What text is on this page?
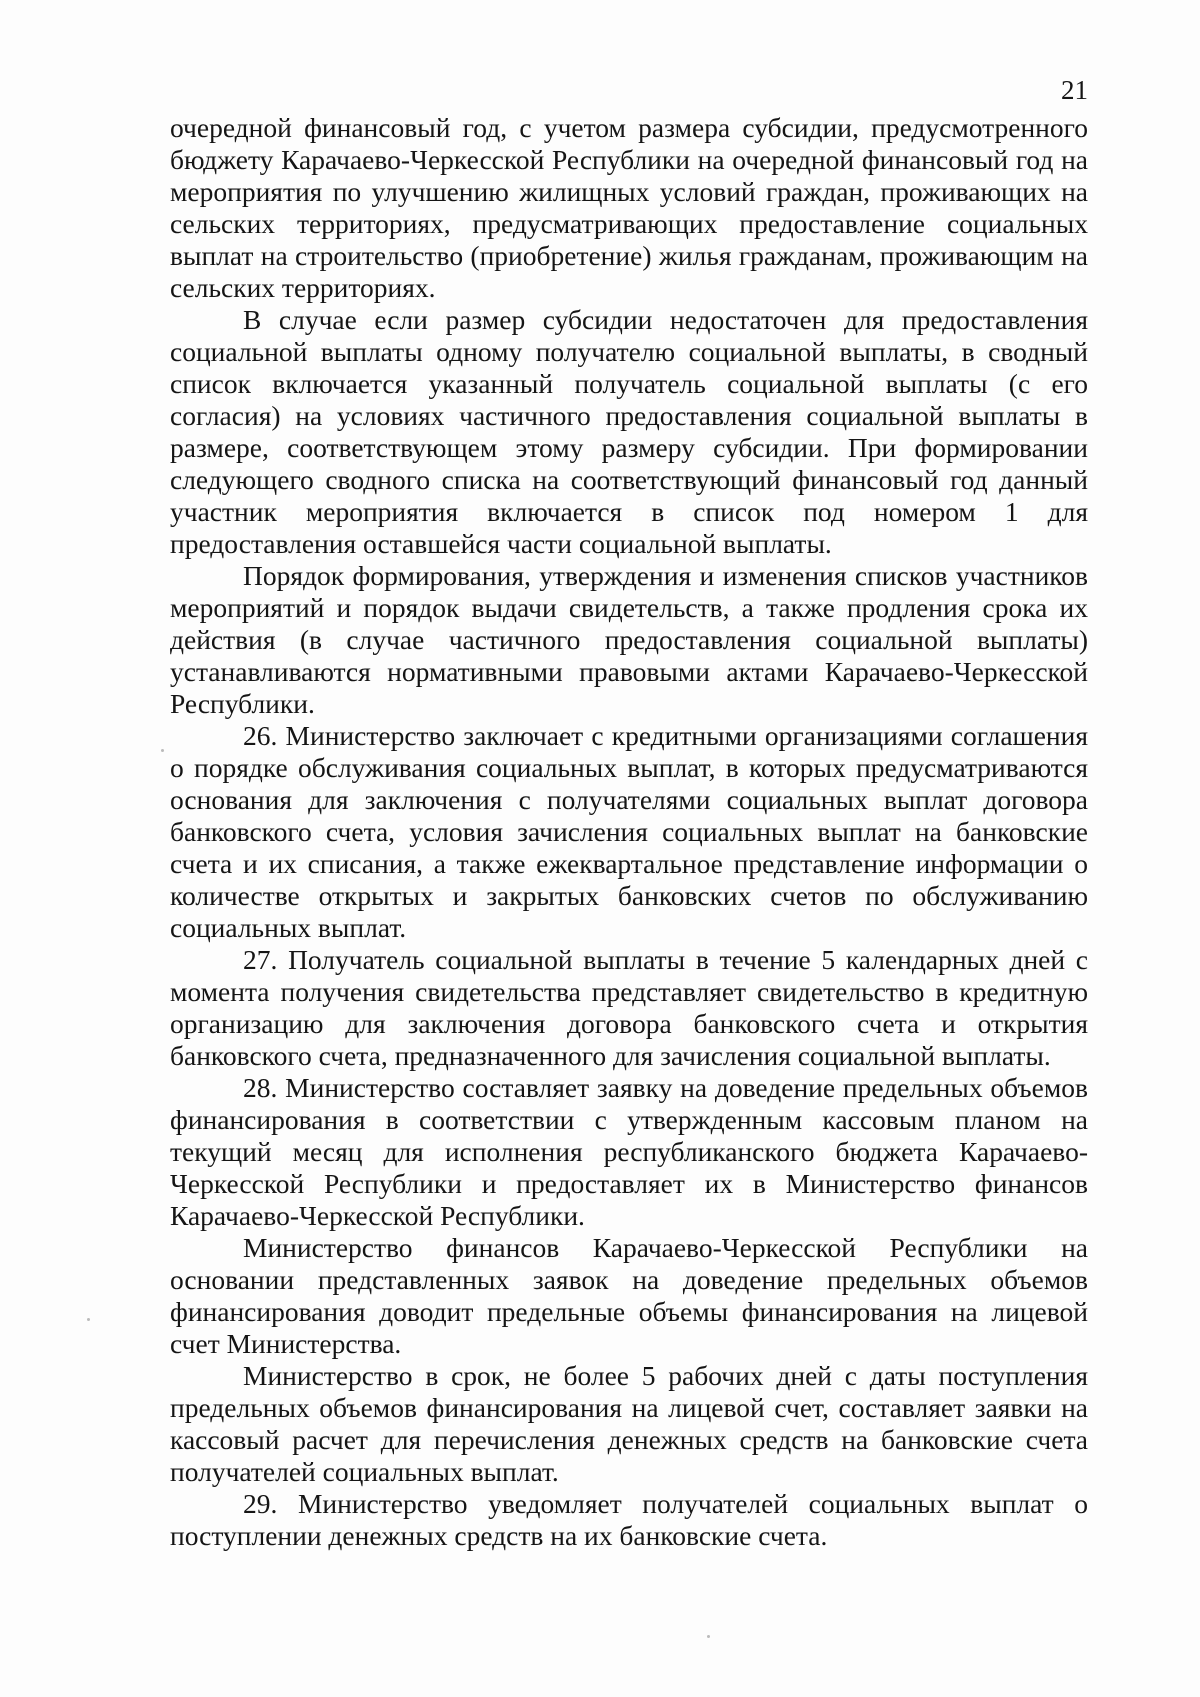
21

очередной финансовый год, с учетом размера субсидии, предусмотренного бюджету Карачаево-Черкесской Республики на очередной финансовый год на мероприятия по улучшению жилищных условий граждан, проживающих на сельских территориях, предусматривающих предоставление социальных выплат на строительство (приобретение) жилья гражданам, проживающим на сельских территориях.

В случае если размер субсидии недостаточен для предоставления социальной выплаты одному получателю социальной выплаты, в сводный список включается указанный получатель социальной выплаты (с его согласия) на условиях частичного предоставления социальной выплаты в размере, соответствующем этому размеру субсидии. При формировании следующего сводного списка на соответствующий финансовый год данный участник мероприятия включается в список под номером 1 для предоставления оставшейся части социальной выплаты.

Порядок формирования, утверждения и изменения списков участников мероприятий и порядок выдачи свидетельств, а также продления срока их действия (в случае частичного предоставления социальной выплаты) устанавливаются нормативными правовыми актами Карачаево-Черкесской Республики.

26. Министерство заключает с кредитными организациями соглашения о порядке обслуживания социальных выплат, в которых предусматриваются основания для заключения с получателями социальных выплат договора банковского счета, условия зачисления социальных выплат на банковские счета и их списания, а также ежеквартальное представление информации о количестве открытых и закрытых банковских счетов по обслуживанию социальных выплат.

27. Получатель социальной выплаты в течение 5 календарных дней с момента получения свидетельства представляет свидетельство в кредитную организацию для заключения договора банковского счета и открытия банковского счета, предназначенного для зачисления социальной выплаты.

28. Министерство составляет заявку на доведение предельных объемов финансирования в соответствии с утвержденным кассовым планом на текущий месяц для исполнения республиканского бюджета Карачаево-Черкесской Республики и предоставляет их в Министерство финансов Карачаево-Черкесской Республики.

Министерство финансов Карачаево-Черкесской Республики на основании представленных заявок на доведение предельных объемов финансирования доводит предельные объемы финансирования на лицевой счет Министерства.

Министерство в срок, не более 5 рабочих дней с даты поступления предельных объемов финансирования на лицевой счет, составляет заявки на кассовый расчет для перечисления денежных средств на банковские счета получателей социальных выплат.

29. Министерство уведомляет получателей социальных выплат о поступлении денежных средств на их банковские счета.
